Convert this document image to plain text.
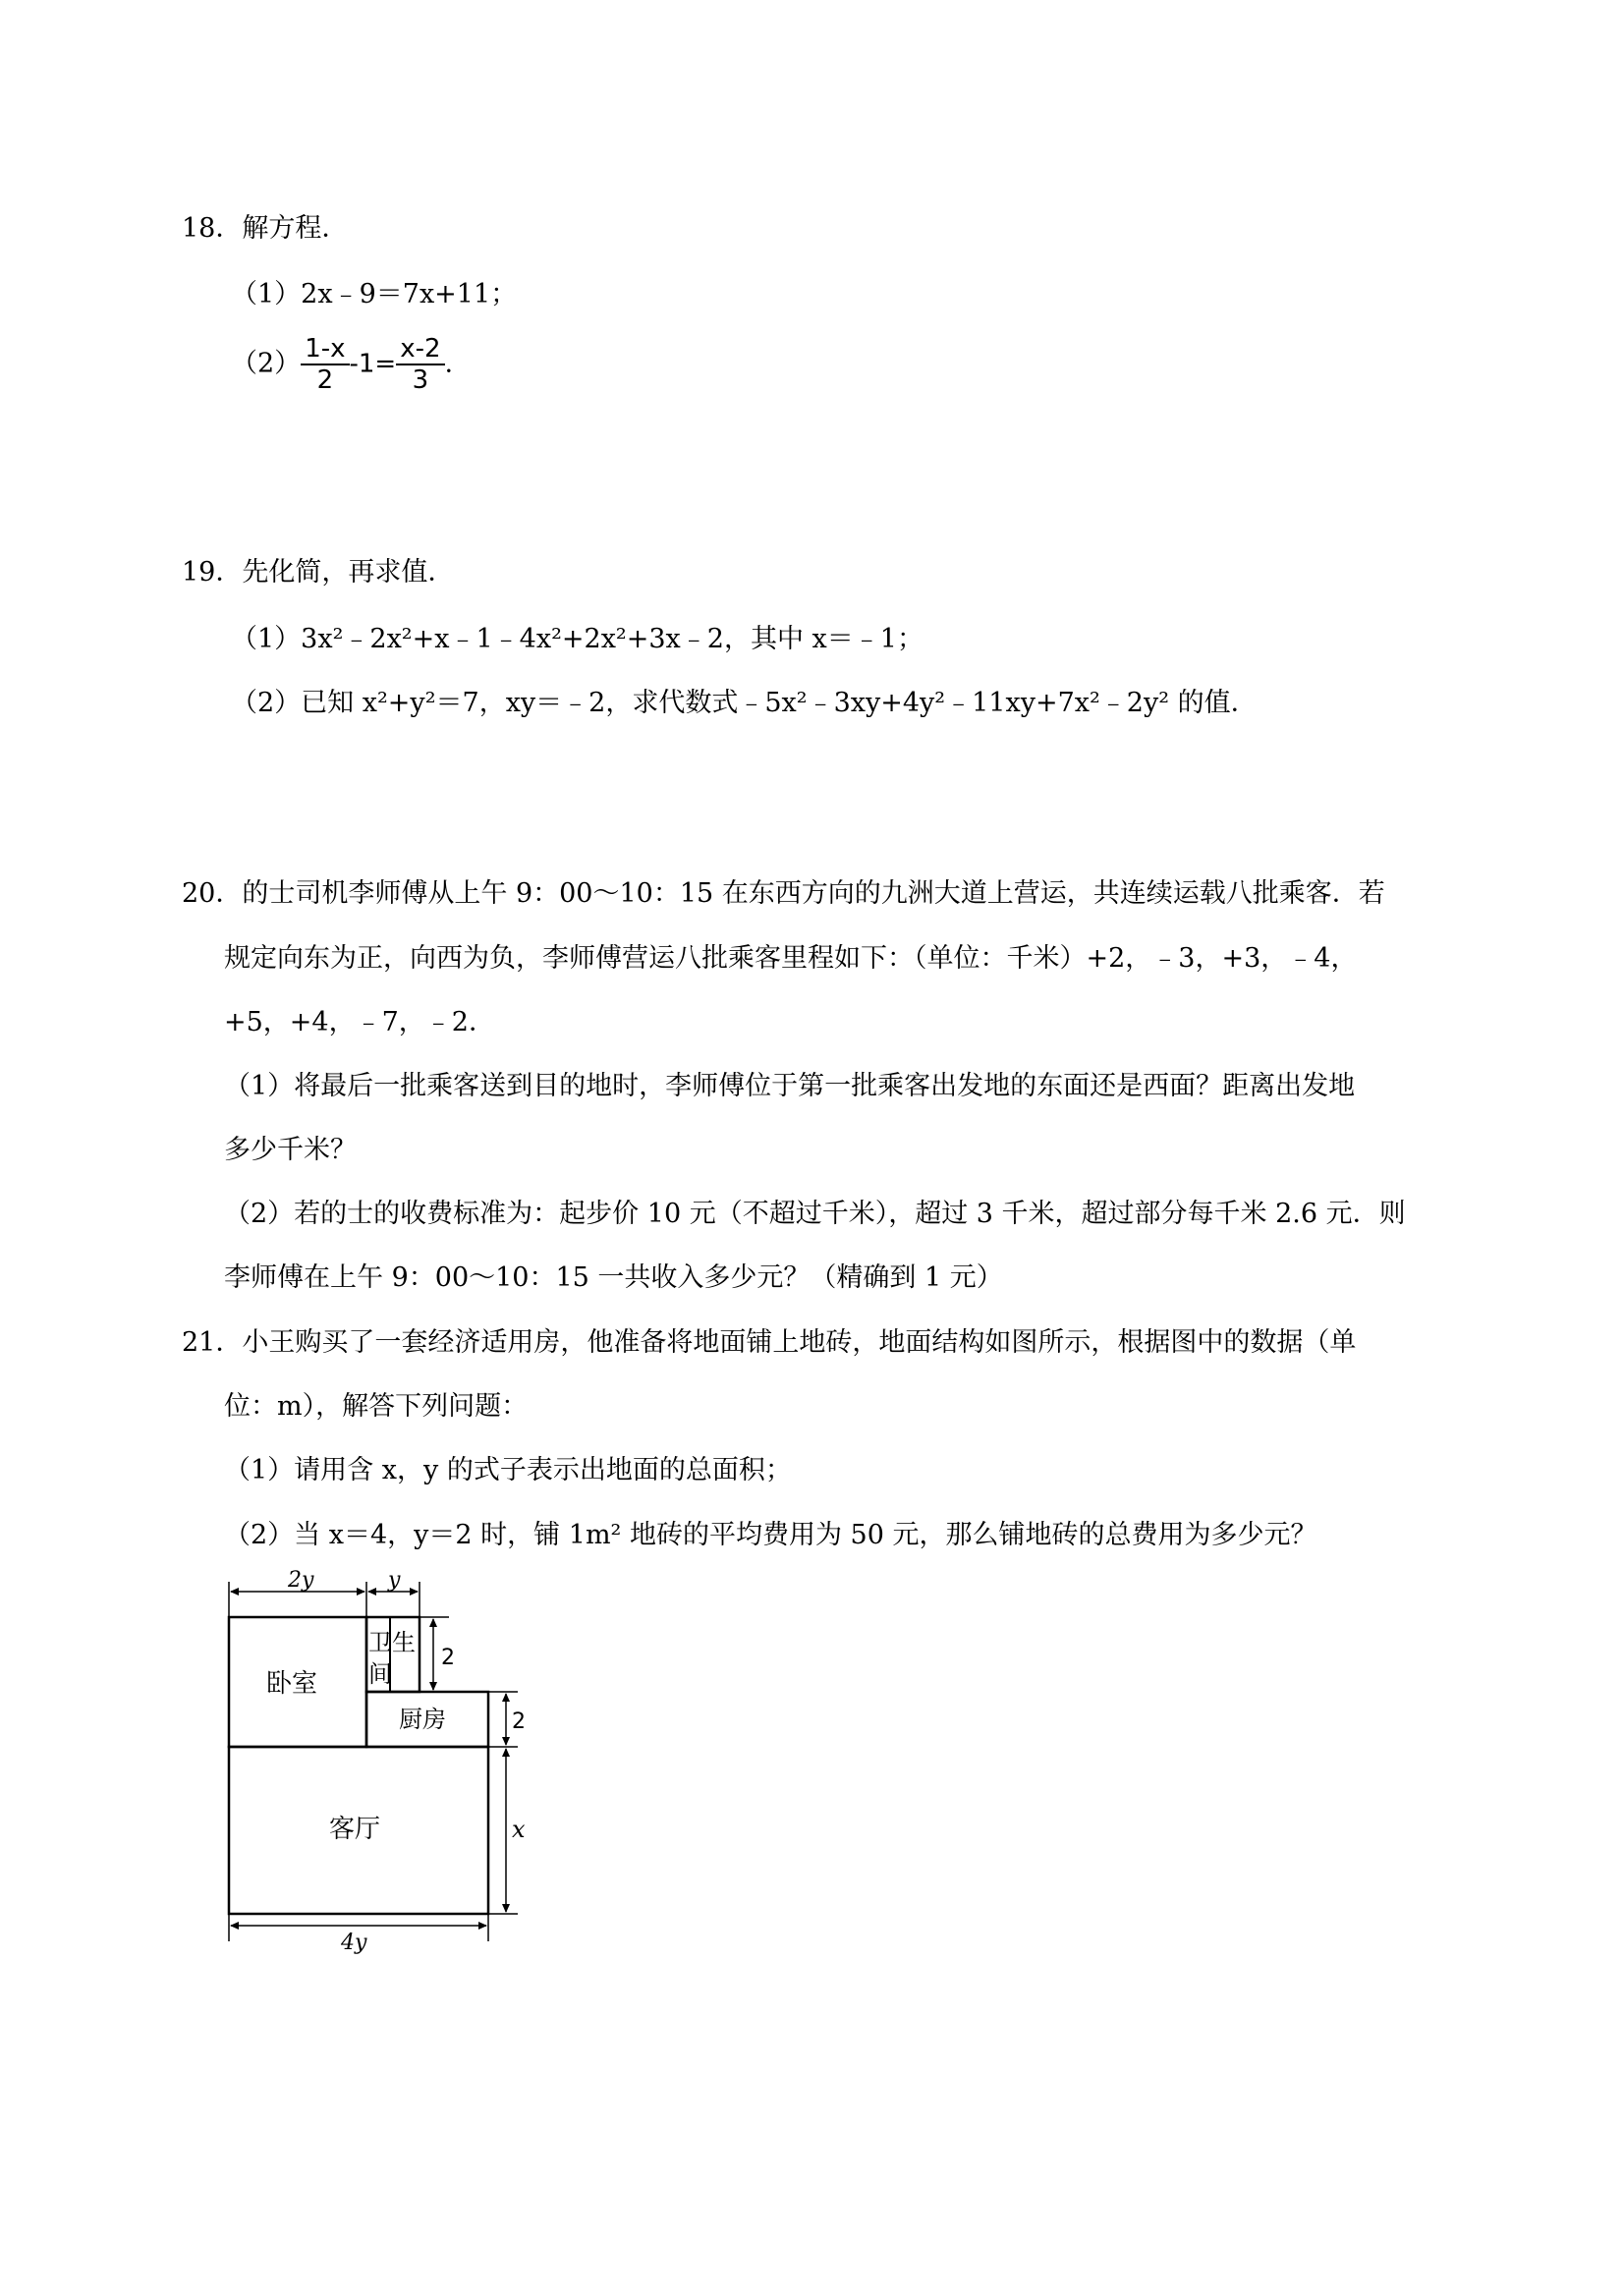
18．解方程．
（1）2x﹣9＝7x+11；
$(2) \frac{1-x}{2} -1= \frac{x-2}{3}$ .
19．先化简，再求值．
（1）3x²﹣2x²+x﹣1﹣4x²+2x²+3x﹣2，其中 x＝﹣1；
（2）已知 x²+y²＝7，xy＝﹣2，求代数式﹣5x²﹣3xy+4y²﹣11xy+7x²﹣2y² 的值．
20．的士司机李师傅从上午 9：00～10：15 在东西方向的九洲大道上营运，共连续运载八批乘客．若
规定向东为正，向西为负，李师傅营运八批乘客里程如下：（单位：千米）+2，﹣3，+3，﹣4，
+5，+4，﹣7，﹣2．
（1）将最后一批乘客送到目的地时，李师傅位于第一批乘客出发地的东面还是西面？距离出发地
多少千米？
（2）若的士的收费标准为：起步价 10 元（不超过千米），超过 3 千米，超过部分每千米 2.6 元．则
李师傅在上午 9：00～10：15 一共收入多少元？（精确到 1 元）
21．小王购买了一套经济适用房，他准备将地面铺上地砖，地面结构如图所示，根据图中的数据（单
位：m），解答下列问题：
（1）请用含 x，y 的式子表示出地面的总面积；
（2）当 x＝4，y＝2 时，铺 1m² 地砖的平均费用为 50 元，那么铺地砖的总费用为多少元？
2y	y
2
2
x
4y
卧室
卫生
间
厨房
客厅
